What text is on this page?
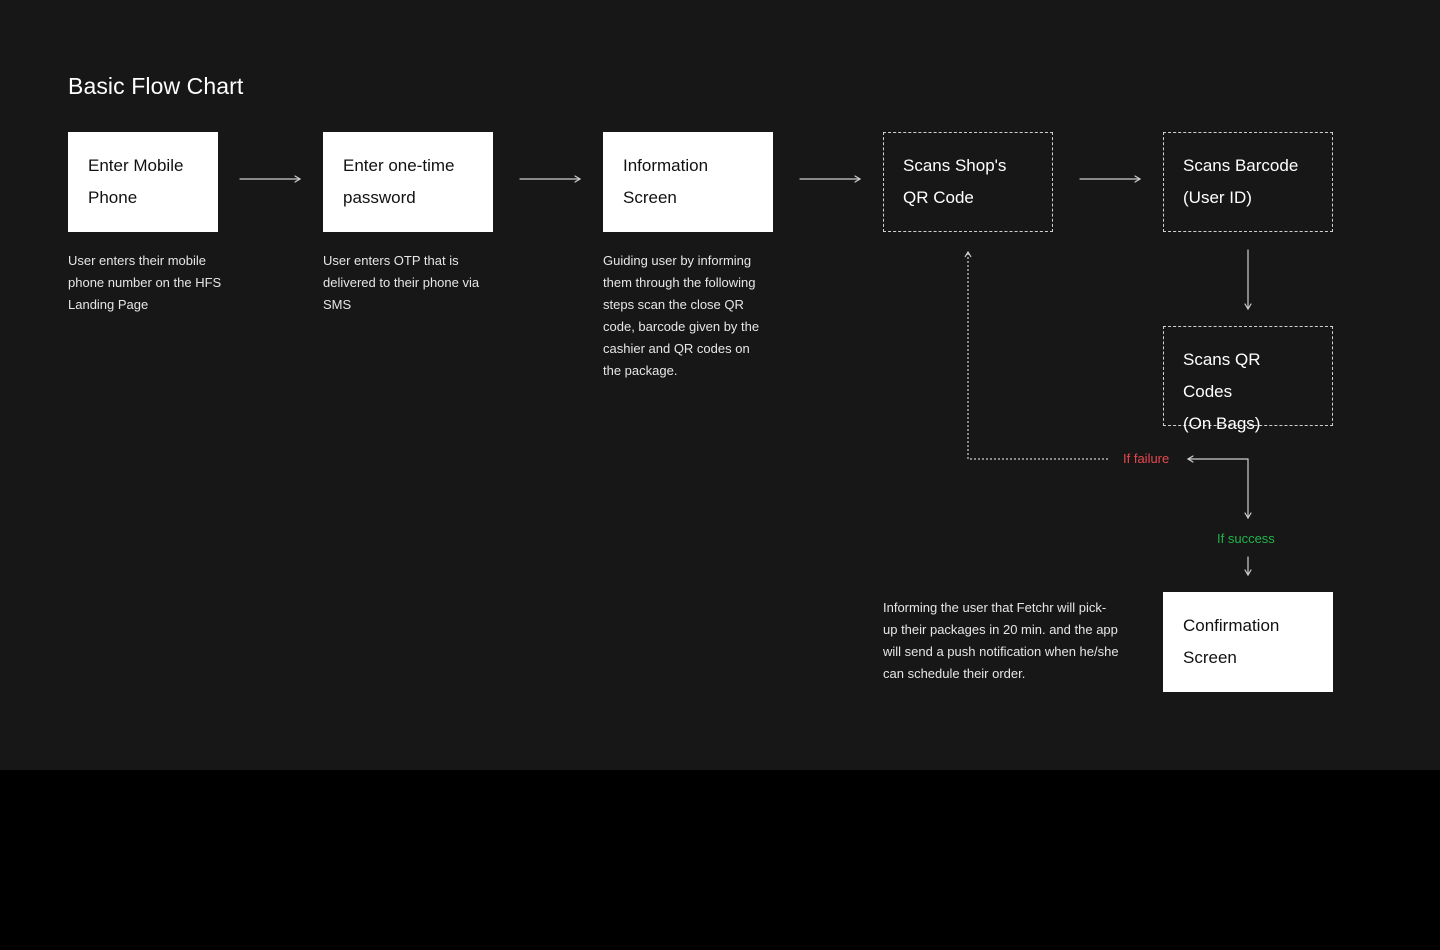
Basic Flow Chart
Enter Mobile
Phone
Enter one-time
password
Information
Screen
Scans Shop's
QR Code
Scans Barcode
(User ID)
Scans QR Codes
(On Bags)
Confirmation
Screen
User enters their mobile
phone number on the HFS
Landing Page
User enters OTP that is
delivered to their phone via
SMS
Guiding user by informing
them through the following
steps scan the close QR
code, barcode given by the
cashier and QR codes on
the package.
Informing the user that Fetchr will pick-
up their packages in 20 min. and the app
will send a push notification when he/she
can schedule their order.
If failure
If success
